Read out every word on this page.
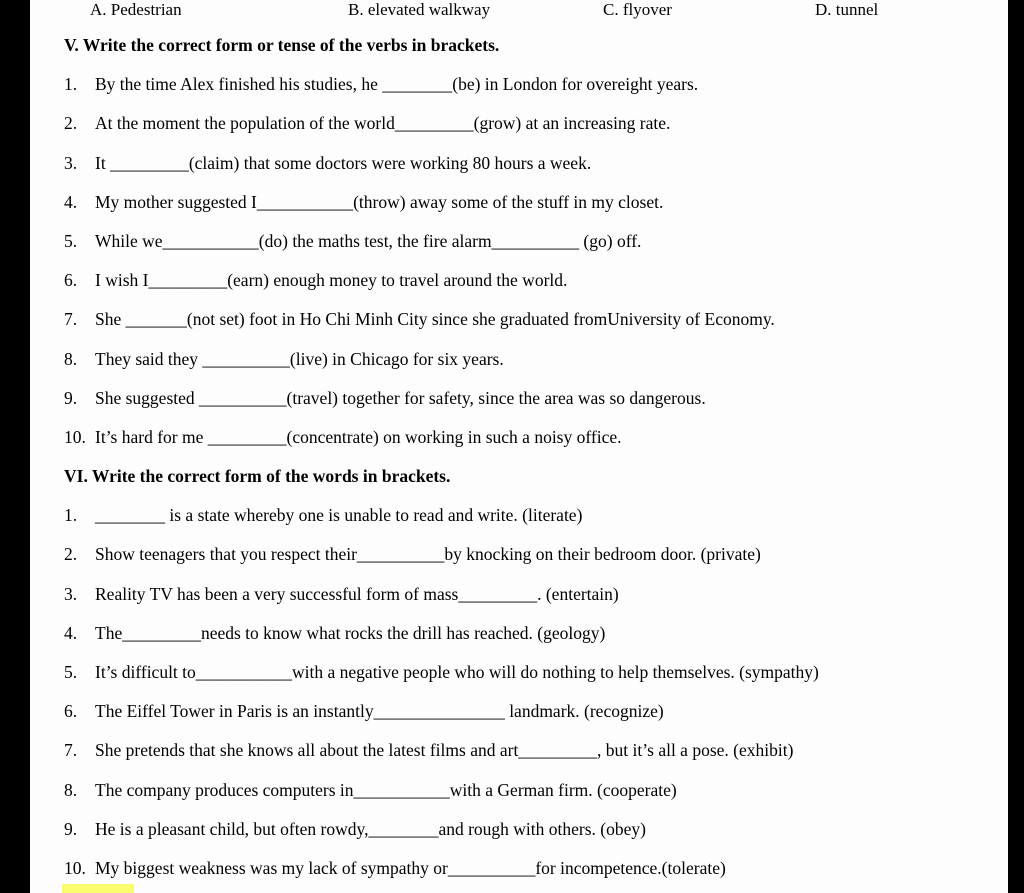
A. Pedestrian	B. elevated walkway	C. flyover	D. tunnel
V. Write the correct form or tense of the verbs in brackets.
1.	By the time Alex finished his studies, he ________(be) in London for overeight years.
2.	At the moment the population of the world_________(grow) at an increasing rate.
3.	It _________(claim) that some doctors were working 80 hours a week.
4.	My mother suggested I___________(throw) away some of the stuff in my closet.
5.	While we___________(do) the maths test, the fire alarm__________ (go) off.
6.	I wish I_________(earn) enough money to travel around the world.
7.	She _______(not set) foot in Ho Chi Minh City since she graduated fromUniversity of Economy.
8.	They said they __________(live) in Chicago for six years.
9.	She suggested __________(travel) together for safety, since the area was so dangerous.
10. It’s hard for me _________(concentrate) on working in such a noisy office.
VI. Write the correct form of the words in brackets.
1.	________ is a state whereby one is unable to read and write. (literate)
2.	Show teenagers that you respect their__________by knocking on their bedroom door. (private)
3.	Reality TV has been a very successful form of mass_________. (entertain)
4.	The_________needs to know what rocks the drill has reached. (geology)
5.	It’s difficult to___________with a negative people who will do nothing to help themselves. (sympathy)
6.	The Eiffel Tower in Paris is an instantly_______________ landmark. (recognize)
7.	She pretends that she knows all about the latest films and art_________, but it’s all a pose. (exhibit)
8.	The company produces computers in___________with a German firm. (cooperate)
9.	He is a pleasant child, but often rowdy,________and rough with others. (obey)
10. My biggest weakness was my lack of sympathy or__________for incompetence.(tolerate)
